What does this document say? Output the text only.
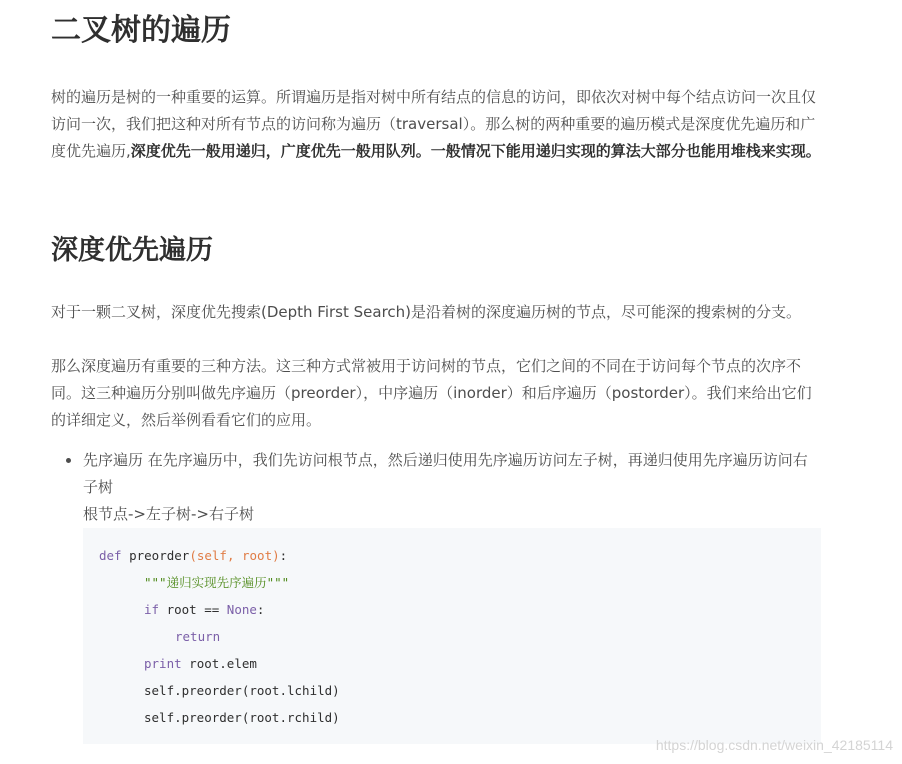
二叉树的遍历

树的遍历是树的一种重要的运算。所谓遍历是指对树中所有结点的信息的访问，即依次对树中每个结点访问一次且仅访问一次，我们把这种对所有节点的访问称为遍历（traversal）。那么树的两种重要的遍历模式是深度优先遍历和广度优先遍历,深度优先一般用递归，广度优先一般用队列。一般情况下能用递归实现的算法大部分也能用堆栈来实现。

深度优先遍历

对于一颗二叉树，深度优先搜索(Depth First Search)是沿着树的深度遍历树的节点，尽可能深的搜索树的分支。

那么深度遍历有重要的三种方法。这三种方式常被用于访问树的节点，它们之间的不同在于访问每个节点的次序不同。这三种遍历分别叫做先序遍历（preorder），中序遍历（inorder）和后序遍历（postorder）。我们来给出它们的详细定义，然后举例看看它们的应用。

先序遍历 在先序遍历中，我们先访问根节点，然后递归使用先序遍历访问左子树，再递归使用先序遍历访问右子树
根节点->左子树->右子树
def preorder(self, root):
"""递归实现先序遍历"""
if root == None:
return
print root.elem
self.preorder(root.lchild)
self.preorder(root.rchild)
https://blog.csdn.net/weixin_42185114
